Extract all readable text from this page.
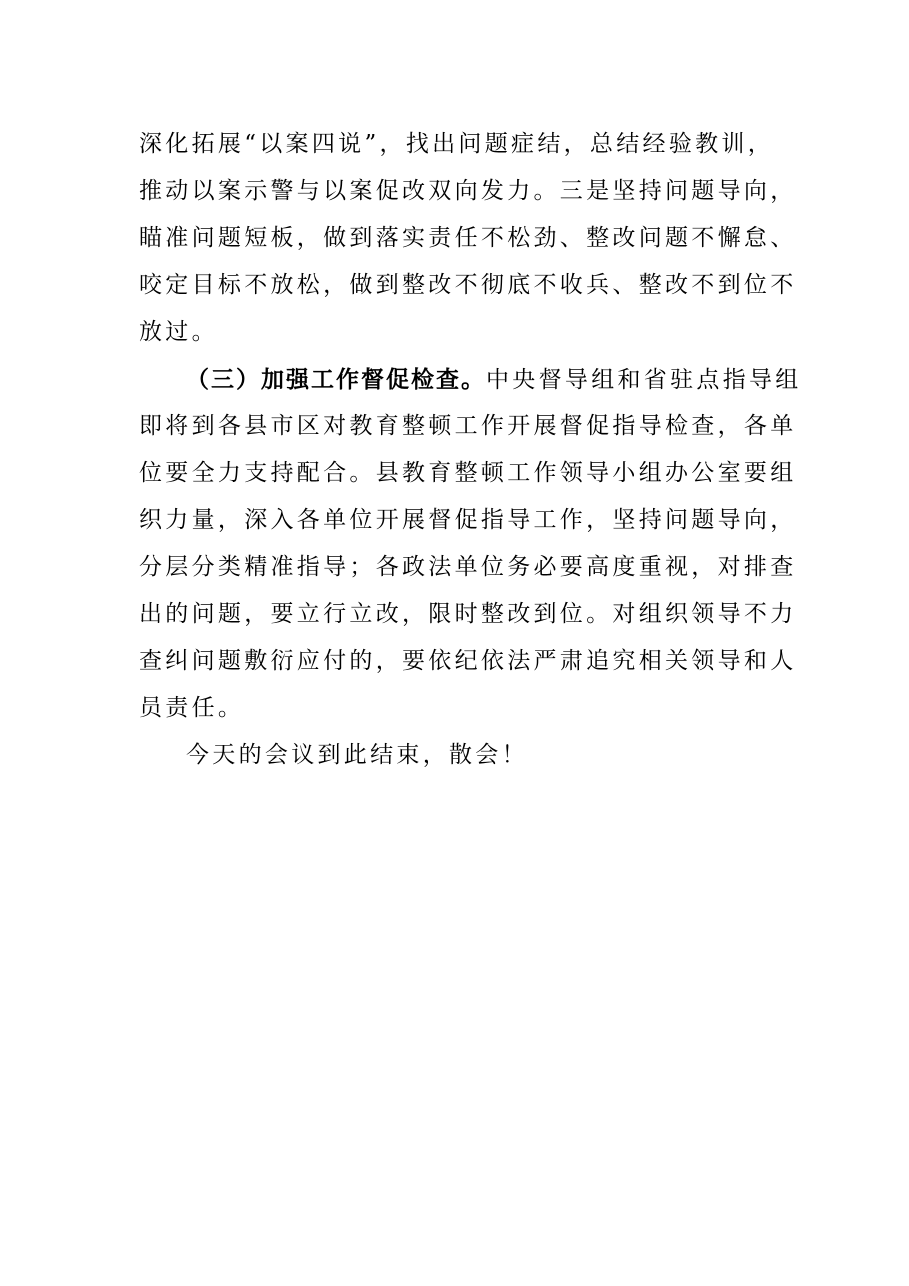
深化拓展“以案四说”，找出问题症结，总结经验教训，
推动以案示警与以案促改双向发力。三是坚持问题导向，
瞄准问题短板，做到落实责任不松劲、整改问题不懈怠、
咬定目标不放松，做到整改不彻底不收兵、整改不到位不
放过。
（三）加强工作督促检查。中央督导组和省驻点指导组
即将到各县市区对教育整顿工作开展督促指导检查，各单
位要全力支持配合。县教育整顿工作领导小组办公室要组
织力量，深入各单位开展督促指导工作，坚持问题导向，
分层分类精准指导；各政法单位务必要高度重视，对排查
出的问题，要立行立改，限时整改到位。对组织领导不力
查纠问题敷衍应付的，要依纪依法严肃追究相关领导和人
员责任。
今天的会议到此结束，散会！
